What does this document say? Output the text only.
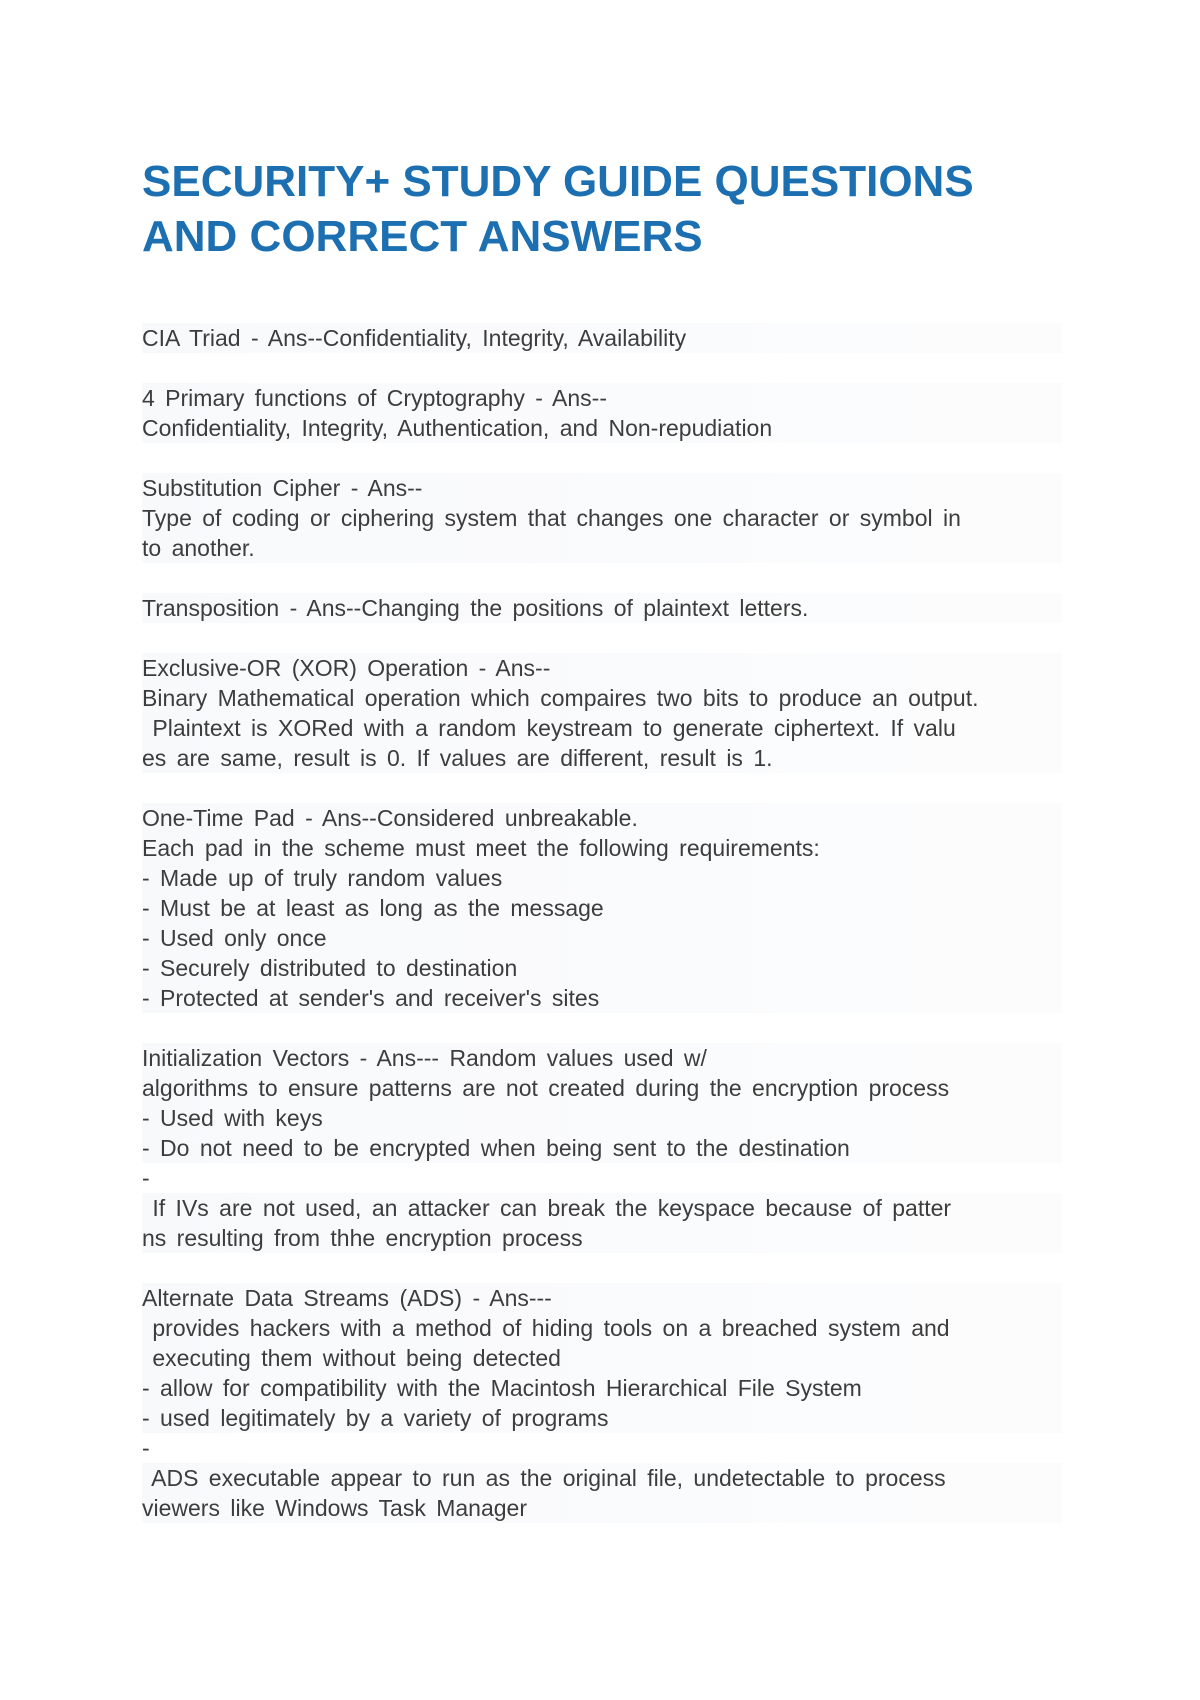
SECURITY+ STUDY GUIDE QUESTIONS
AND CORRECT ANSWERS
CIA Triad - Ans--Confidentiality, Integrity, Availability
4 Primary functions of Cryptography - Ans--
Confidentiality, Integrity, Authentication, and Non-repudiation
Substitution Cipher - Ans--
Type of coding or ciphering system that changes one character or symbol in
to another.
Transposition - Ans--Changing the positions of plaintext letters.
Exclusive-OR (XOR) Operation - Ans--
Binary Mathematical operation which compaires two bits to produce an output.
Plaintext is XORed with a random keystream to generate ciphertext. If valu
es are same, result is 0. If values are different, result is 1.
One-Time Pad - Ans--Considered unbreakable.
Each pad in the scheme must meet the following requirements:
- Made up of truly random values
- Must be at least as long as the message
- Used only once
- Securely distributed to destination
- Protected at sender's and receiver's sites
Initialization Vectors - Ans--- Random values used w/
algorithms to ensure patterns are not created during the encryption process
- Used with keys
- Do not need to be encrypted when being sent to the destination
-
If IVs are not used, an attacker can break the keyspace because of patter
ns resulting from thhe encryption process
Alternate Data Streams (ADS) - Ans---
provides hackers with a method of hiding tools on a breached system and
executing them without being detected
- allow for compatibility with the Macintosh Hierarchical File System
- used legitimately by a variety of programs
-
ADS executable appear to run as the original file, undetectable to process
viewers like Windows Task Manager
